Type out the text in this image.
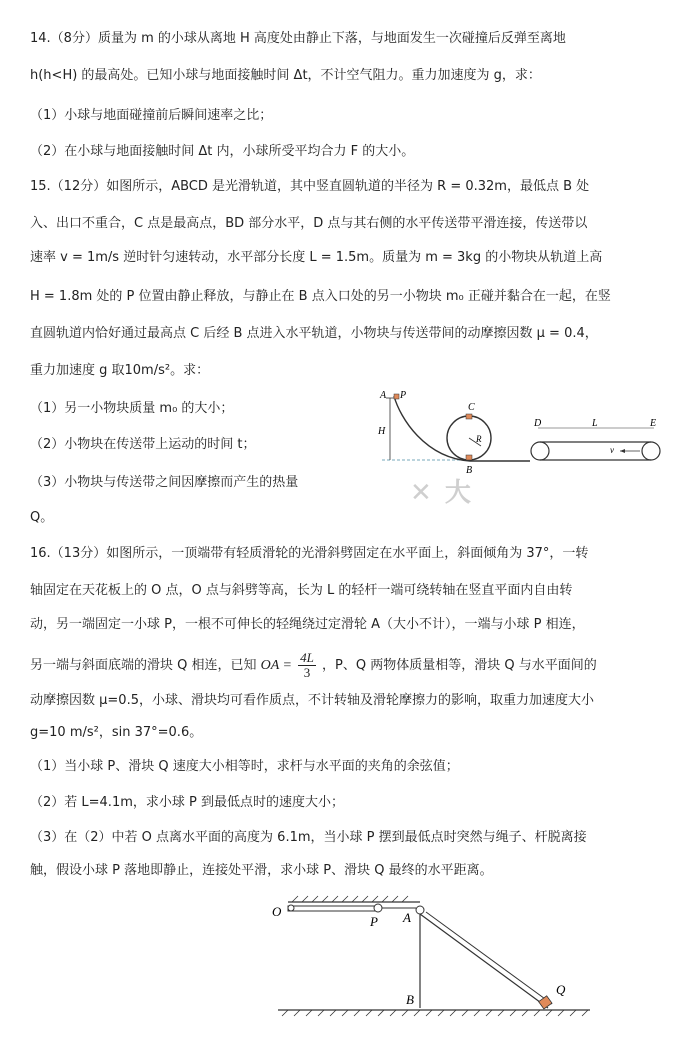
14.（8分）质量为 m 的小球从离地 H 高度处由静止下落，与地面发生一次碰撞后反弹至离地
h(h<H) 的最高处。已知小球与地面接触时间 Δt，不计空气阻力。重力加速度为 g，求：
（1）小球与地面碰撞前后瞬间速率之比；
（2）在小球与地面接触时间 Δt 内，小球所受平均合力 F 的大小。
15.（12分）如图所示，ABCD 是光滑轨道，其中竖直圆轨道的半径为 R = 0.32m，最低点 B 处
入、出口不重合，C 点是最高点，BD 部分水平，D 点与其右侧的水平传送带平滑连接，传送带以
速率 v = 1m/s 逆时针匀速转动，水平部分长度 L = 1.5m。质量为 m = 3kg 的小物块从轨道上高
H = 1.8m 处的 P 位置由静止释放，与静止在 B 点入口处的另一小物块 m₀ 正碰并黏合在一起，在竖
直圆轨道内恰好通过最高点 C 后经 B 点进入水平轨道，小物块与传送带间的动摩擦因数 μ = 0.4，
重力加速度 g 取10m/s²。求：
（1）另一小物块质量 m₀ 的大小；
（2）小物块在传送带上运动的时间 t；
（3）小物块与传送带之间因摩擦而产生的热量
Q。
H
A P
R
C
B
D	L	E
v
✕ 大
16.（13分）如图所示，一顶端带有轻质滑轮的光滑斜劈固定在水平面上，斜面倾角为 37°，一转
轴固定在天花板上的 O 点，O 点与斜劈等高，长为 L 的轻杆一端可绕转轴在竖直平面内自由转
动，另一端固定一小球 P，一根不可伸长的轻绳绕过定滑轮 A（大小不计），一端与小球 P 相连，
另一端与斜面底端的滑块 Q 相连，已知 OA = $\frac{4L}{3}$ ，P、Q 两物体质量相等，滑块 Q 与水平面间的
动摩擦因数 μ=0.5，小球、滑块均可看作质点，不计转轴及滑轮摩擦力的影响，取重力加速度大小
g=10 m/s²，sin 37°=0.6。
（1）当小球 P、滑块 Q 速度大小相等时，求杆与水平面的夹角的余弦值；
（2）若 L=4.1m，求小球 P 到最低点时的速度大小；
（3）在（2）中若 O 点离水平面的高度为 6.1m，当小球 P 摆到最低点时突然与绳子、杆脱离接
触，假设小球 P 落地即静止，连接处平滑，求小球 P、滑块 Q 最终的水平距离。
O
P A
B
Q
